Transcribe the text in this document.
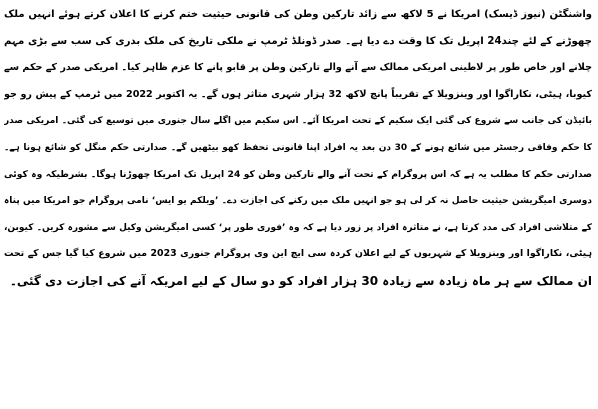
واشنگٹن (نیوز ڈیسک) امریکا نے 5 لاکھ سے زائد تارکین وطن کی قانونی حیثیت ختم کرنے کا اعلان کرتے ہوئے انہیں ملک
چھوڑنے کے لئے چند24 اپریل تک کا وقت دے دیا ہے۔ صدر ڈونلڈ ٹرمپ نے ملکی تاریخ کی ملک بدری کی سب سے بڑی مہم
چلانے اور خاص طور پر لاطینی امریکی ممالک سے آنے والے تارکین وطن پر قابو پانے کا عزم ظاہر کیا۔ امریکی صدر کے حکم سے
کیوبا، ہیٹی، نکاراگوا اور وینزویلا کے تقریباً پانچ لاکھ 32 ہزار شہری متاثر ہوں گے۔ یہ اکتوبر 2022 میں ٹرمپ کے پیش رو جو
بائیڈن کی جانب سے شروع کی گئی ایک سکیم کے تحت امریکا آئے۔ اس سکیم میں اگلے سال جنوری میں توسیع کی گئی۔ امریکی صدر
کا حکم وفاقی رجسٹر میں شائع ہونے کے 30 دن بعد یہ افراد اپنا قانونی تحفظ کھو بیٹھیں گے۔ صدارتی حکم منگل کو شائع ہونا ہے۔
صدارتی حکم کا مطلب یہ ہے کہ اس پروگرام کے تحت آنے والے تارکین وطن کو 24 اپریل تک امریکا چھوڑنا ہوگا۔ بشرطیکہ وہ کوئی
دوسری امیگریشن حیثیت حاصل نہ کر لی ہو جو انہیں ملک میں رکنے کی اجازت دے۔ ’ویلکم یو ایس‘ نامی پروگرام جو امریکا میں پناہ
کے متلاشی افراد کی مدد کرتا ہے، نے متاثرہ افراد پر زور دیا ہے کہ وہ ’فوری طور پر‘ کسی امیگریشن وکیل سے مشورہ کریں۔ کیوبن،
ہیٹی، نکاراگوا اور وینزویلا کے شہریوں کے لیے اعلان کردہ سی ایچ این وی پروگرام جنوری 2023 میں شروع کیا گیا جس کے تحت
ان ممالک سے ہر ماہ زیادہ سے زیادہ 30 ہزار افراد کو دو سال کے لیے امریکہ آنے کی اجازت دی گئی۔
